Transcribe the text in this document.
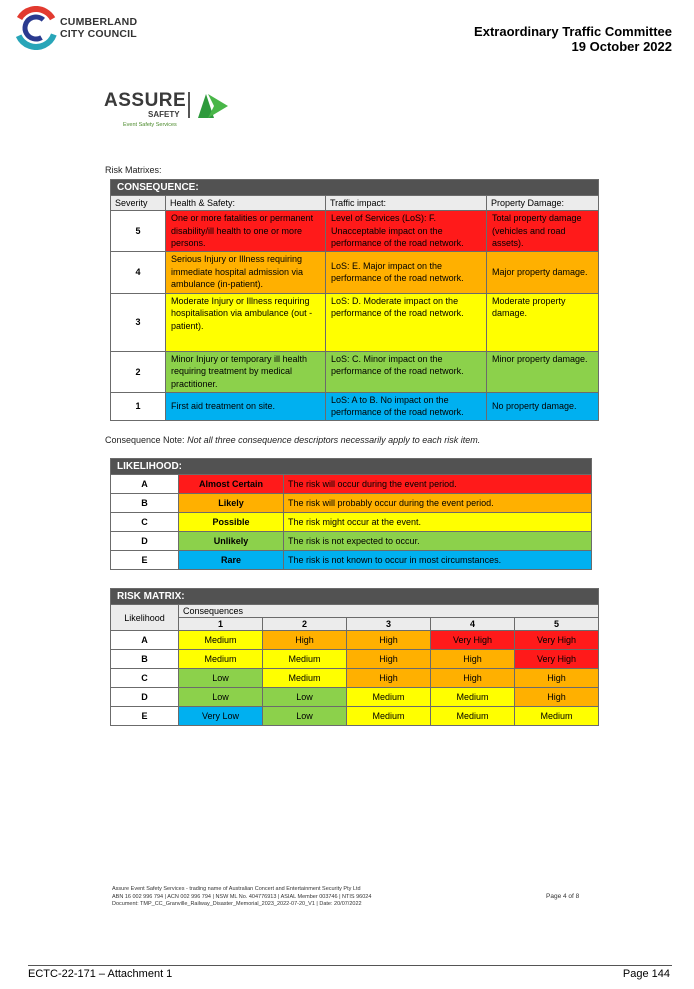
CUMBERLAND
CITY COUNCIL	Extraordinary Traffic Committee
19 October 2022
ASSURE
SAFETY
Event Safety Services
Risk Matrixes:
CONSEQUENCE:			
Severity	Health & Safety:	Traffic impact:	Property Damage:
5	One or more fatalities or permanent disability/ill health to one or more persons.	Level of Services (LoS): F. Unacceptable impact on the performance of the road network.	Total property damage (vehicles and road assets).
4	Serious Injury or Illness requiring immediate hospital admission via ambulance (in-patient).	LoS: E. Major impact on the performance of the road network.	Major property damage.
3	Moderate Injury or Illness requiring hospitalisation via ambulance (out -patient).	LoS: D. Moderate impact on the performance of the road network.	Moderate property damage.
2	Minor Injury or temporary ill health requiring treatment by medical practitioner.	LoS: C. Minor impact on the performance of the road network.	Minor property damage.
1	First aid treatment on site.	LoS: A to B. No impact on the performance of the road network.	No property damage.
Consequence Note: Not all three consequence descriptors necessarily apply to each risk item.
LIKELIHOOD:		
A	Almost Certain	The risk will occur during the event period.
B	Likely	The risk will probably occur during the event period.
C	Possible	The risk might occur at the event.
D	Unlikely	The risk is not expected to occur.
E	Rare	The risk is not known to occur in most circumstances.
RISK MATRIX:					
Likelihood	Consequences				
	1	2	3	4	5
A	Medium	High	High	Very High	Very High
B	Medium	Medium	High	High	Very High
C	Low	Medium	High	High	High
D	Low	Low	Medium	Medium	High
E	Very Low	Low	Medium	Medium	Medium
Assure Event Safety Services - trading name of Australian Concert and Entertainment Security Pty Ltd
ABN 16 002 996 794 | ACN 002 996 794 | NSW ML No. 404776913 | ASIAL Member 003746 | NTIS 96024
Document: TMP_CC_Granville_Railway_Disaster_Memorial_2023_2022-07-20_V1 | Date: 20/07/2022
Page 4 of 8
ECTC-22-171 – Attachment 1	Page 144
